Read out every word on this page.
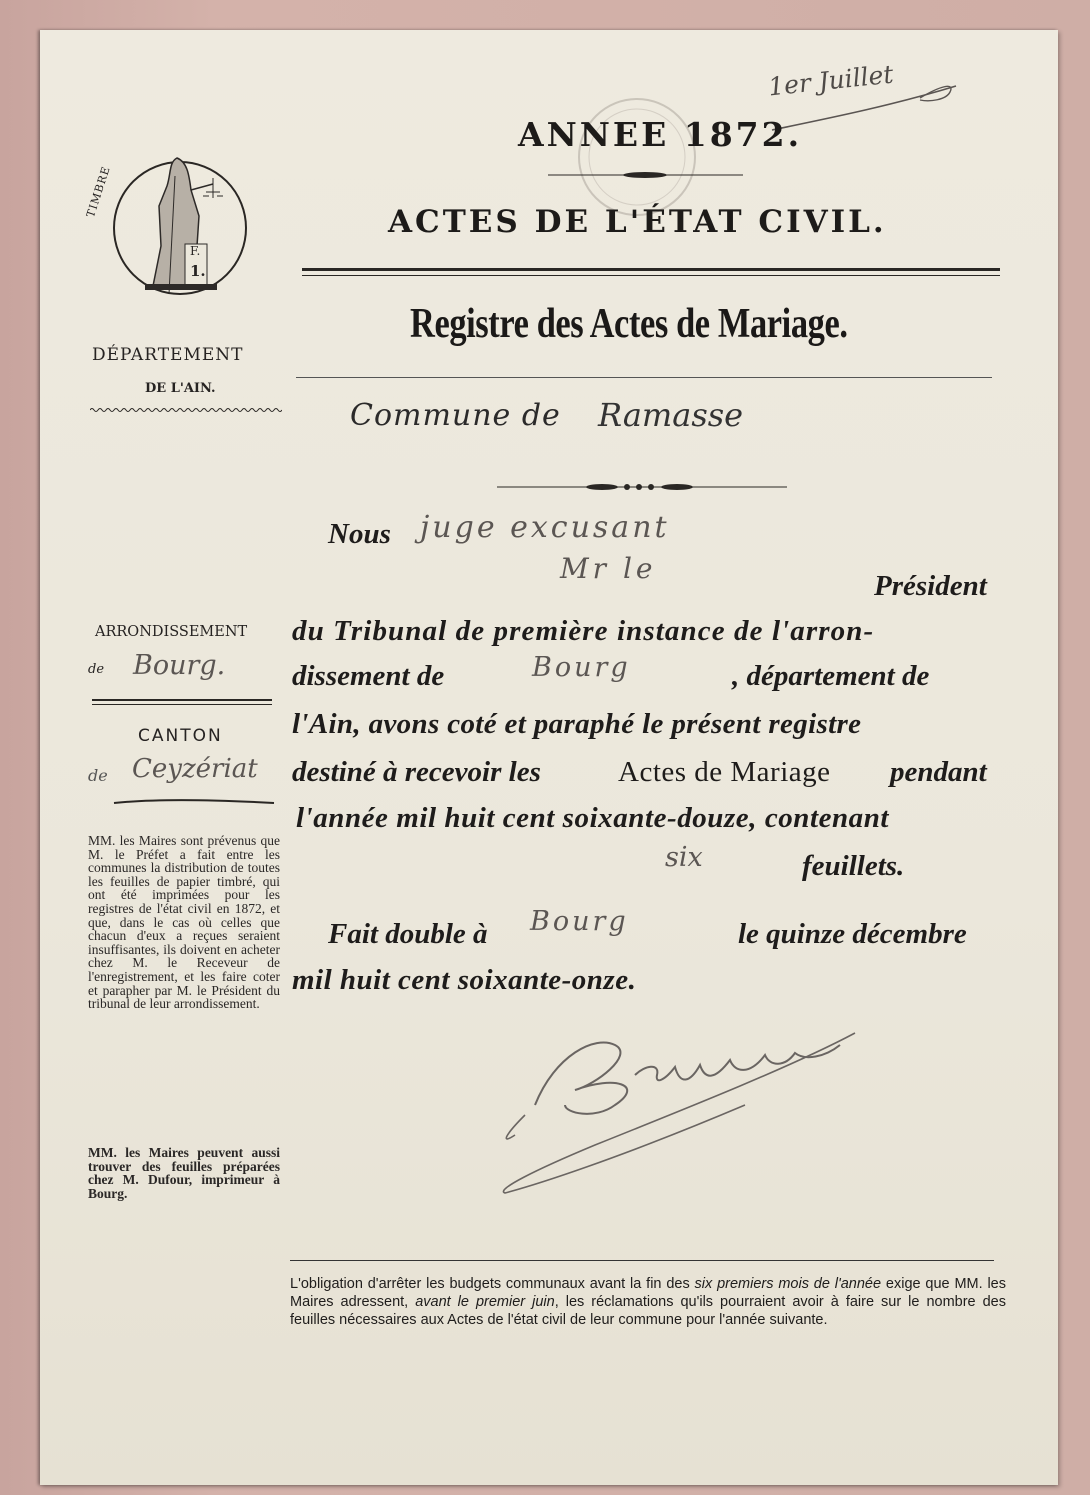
1er Juillet
ANNEE 1872.
ACTES DE L'ÉTAT CIVIL.
Registre des Actes de Mariage.
Commune de Ramasse
F.
1.
TIMBRE
DÉPARTEMENT
DE L'AIN.
ARRONDISSEMENT
de Bourg.
CANTON
de Ceyzériat
MM. les Maires sont prévenus que M. le Préfet a fait entre les communes la distribution de toutes les feuilles de papier timbré, qui ont été imprimées pour les registres de l'état civil en 1872, et que, dans le cas où celles que chacun d'eux a reçues seraient insuffisantes, ils doivent en acheter chez M. le Receveur de l'enregistrement, et les faire coter et parapher par M. le Président du tribunal de leur arrondissement.
MM. les Maires peuvent aussi trouver des feuilles préparées chez M. Dufour, imprimeur à Bourg.
Nous juge excusant
Mr le
Président
du Tribunal de première instance de l'arron-
dissement de	Bourg	, département de
l'Ain, avons coté et paraphé le présent registre
destiné à recevoir les	Actes de Mariage pendant
l'année mil huit cent soixante-douze, contenant
six	feuillets.
Fait double à Bourg	le quinze décembre
mil huit cent soixante-onze.
L'obligation d'arrêter les budgets communaux avant la fin des six premiers mois de l'année exige que MM. les Maires adressent, avant le premier juin, les réclamations qu'ils pourraient avoir à faire sur le nombre des feuilles nécessaires aux Actes de l'état civil de leur commune pour l'année suivante.
